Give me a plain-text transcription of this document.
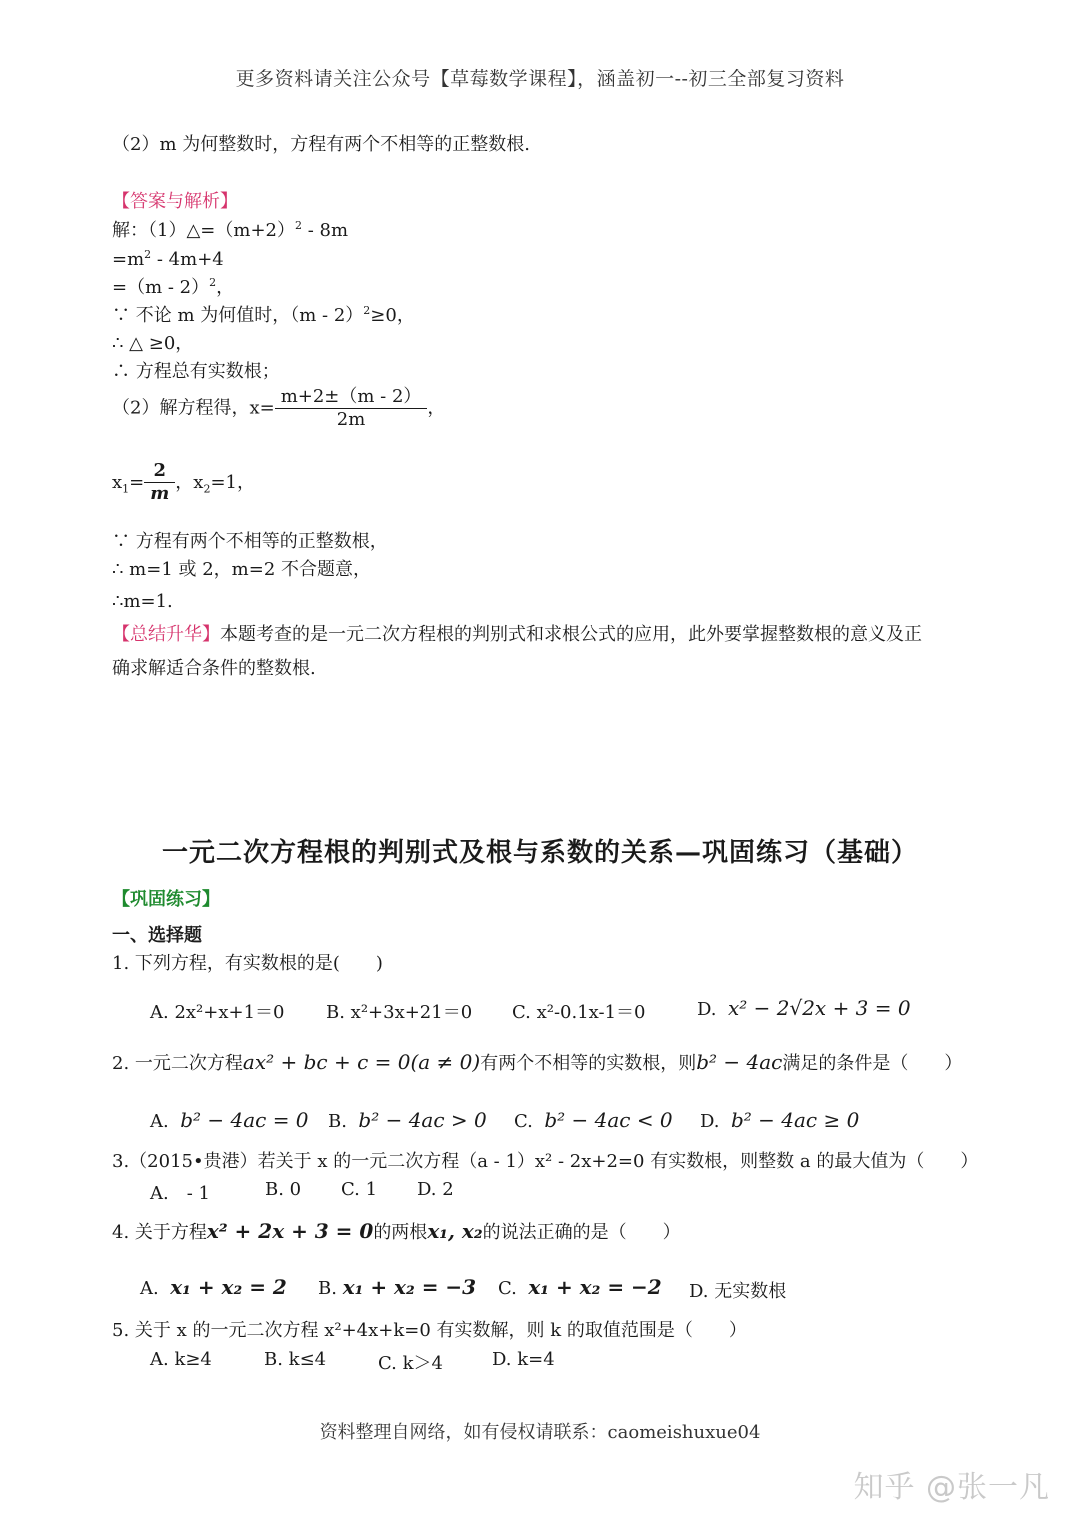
更多资料请关注公众号【草莓数学课程】，涵盖初一--初三全部复习资料
（2）m 为何整数时，方程有两个不相等的正整数根.
【答案与解析】
解：$(1)\triangle=(m+2)^2 - 8m$
$=m^2 - 4m+4$
=（m - 2）$^2$，
∵ 不论 m 为何值时，（m - 2）$^2$≥0，
∴ △ ≥0，
∴ 方程总有实数根；
（2）解方程得，$x= \frac{m+2\pm(m - 2)}{2m}$ ，
$x_1= \frac{2}{m}$ ，$x_2=1$，
∵ 方程有两个不相等的正整数根，
∴ m=1 或 2，m=2 不合题意，
∴m=1.
【总结升华】本题考查的是一元二次方程根的判别式和求根公式的应用，此外要掌握整数根的意义及正
确求解适合条件的整数根.
一元二次方程根的判别式及根与系数的关系—巩固练习（基础）
【巩固练习】
一、选择题
1. 下列方程，有实数根的是(　　)
A. 2x²+x+1＝0 B. x²+3x+21＝0 C. x²-0.1x-1＝0	D. x² − 2√2x + 3 = 0
2. 一元二次方程ax² + bc + c = 0(a ≠ 0)有两个不相等的实数根，则b² − 4ac满足的条件是（　　）
A. b² − 4ac = 0 B. b² − 4ac > 0 C. b² − 4ac < 0 D. b² − 4ac ≥ 0
3.（2015•贵港）若关于 x 的一元二次方程（a - 1）x² - 2x+2=0 有实数根，则整数 a 的最大值为（　　）
A.　- 1	B. 0 C. 1 D. 2
4. 关于方程x² + 2x + 3 = 0的两根x₁, x₂的说法正确的是（　　）
A. x₁ + x₂ = 2 B. x₁ + x₂ = −3 C. x₁ + x₂ = −2 D. 无实数根
5. 关于 x 的一元二次方程 x²+4x+k=0 有实数解，则 k 的取值范围是（　　）
A. k≥4	B. k≤4	C. k＞4	D. k=4
资料整理自网络，如有侵权请联系：caomeishuxue04
知乎 @张一凡
